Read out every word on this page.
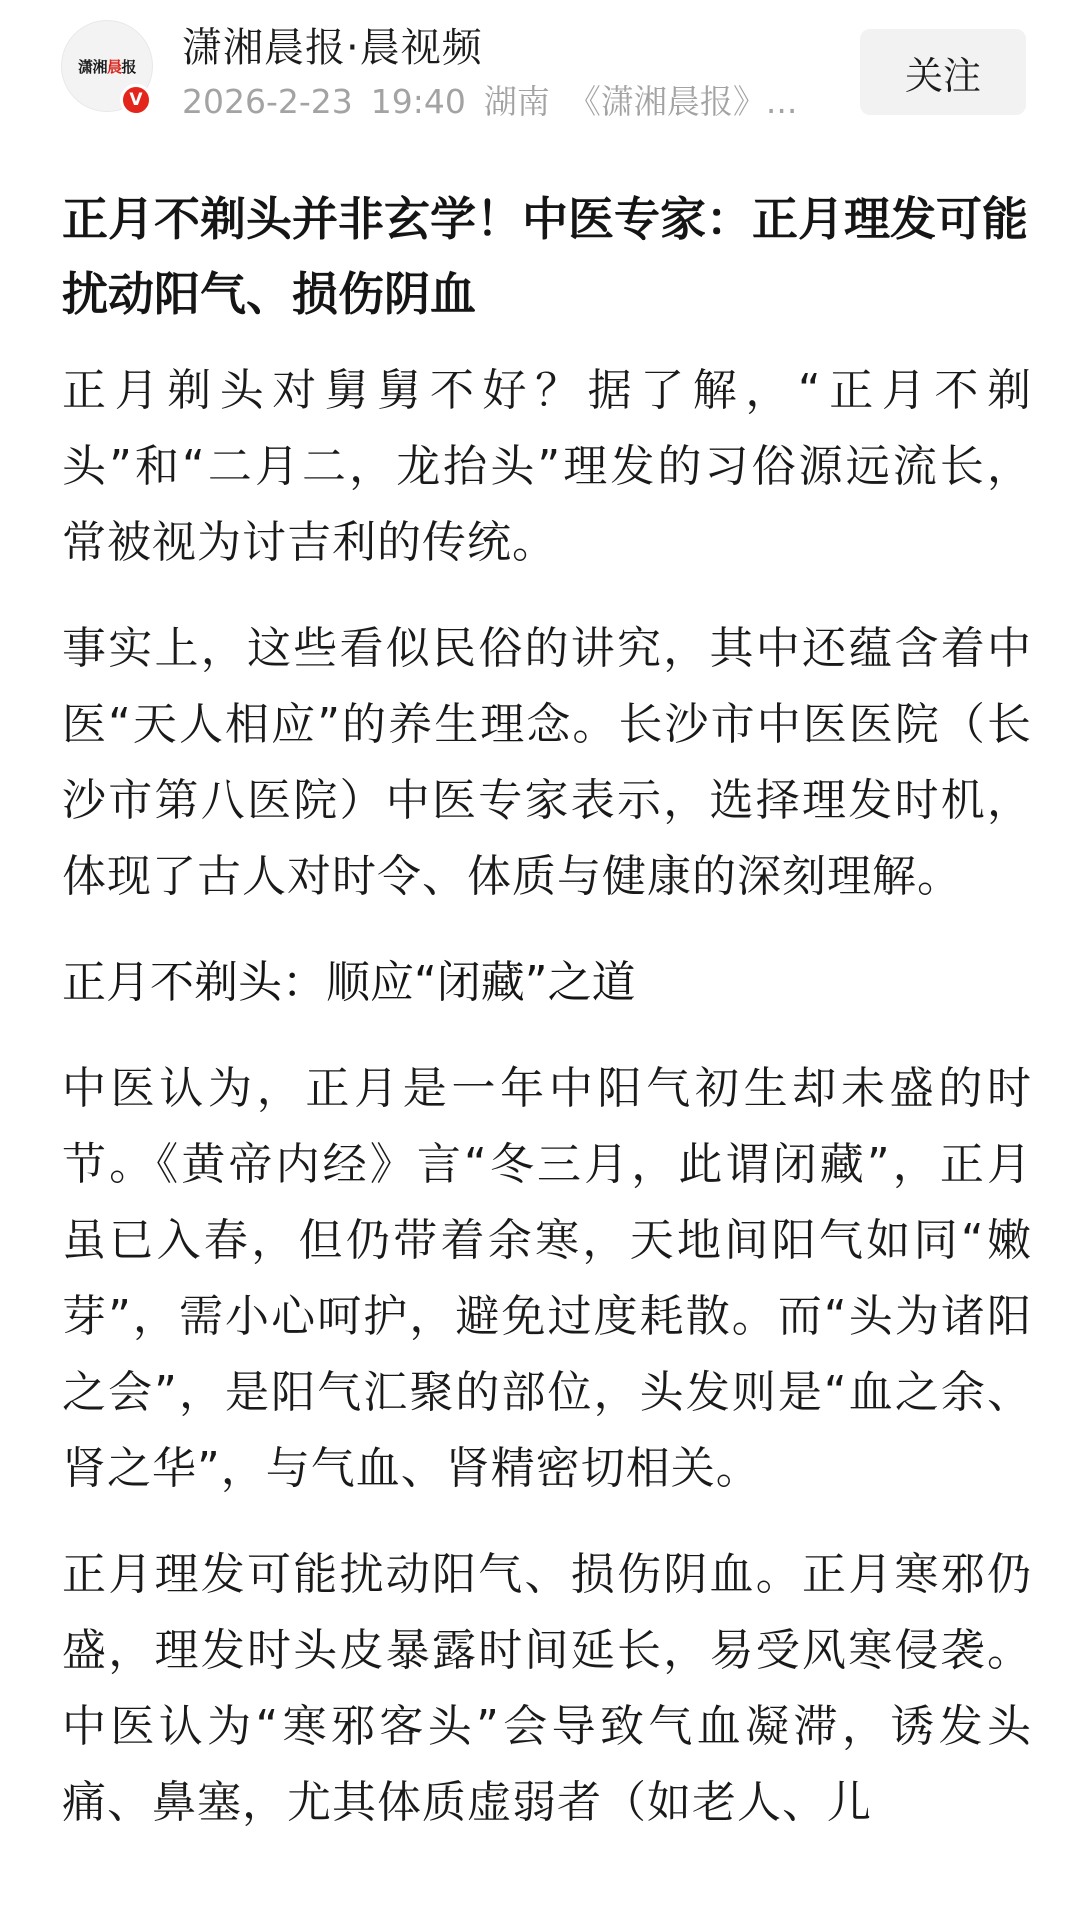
潇湘晨报
V
潇湘晨报·晨视频
2026-2-23 19:40 湖南 《潇湘晨报》...
关注
正月不剃头并非玄学！中医专家：正月理发可能扰动阳气、损伤阴血

正月剃头对舅舅不好？据了解，“正月不剃头”和“二月二，龙抬头”理发的习俗源远流长，常被视为讨吉利的传统。

事实上，这些看似民俗的讲究，其中还蕴含着中医“天人相应”的养生理念。长沙市中医医院（长沙市第八医院）中医专家表示，选择理发时机，体现了古人对时令、体质与健康的深刻理解。

正月不剃头：顺应“闭藏”之道

中医认为，正月是一年中阳气初生却未盛的时节。《黄帝内经》言“冬三月，此谓闭藏”，正月虽已入春，但仍带着余寒，天地间阳气如同“嫩芽”，需小心呵护，避免过度耗散。而“头为诸阳之会”，是阳气汇聚的部位，头发则是“血之余、肾之华”，与气血、肾精密切相关。

正月理发可能扰动阳气、损伤阴血。正月寒邪仍盛，理发时头皮暴露时间延长，易受风寒侵袭。中医认为“寒邪客头”会导致气血凝滞，诱发头痛、鼻塞，尤其体质虚弱者（如老人、儿
